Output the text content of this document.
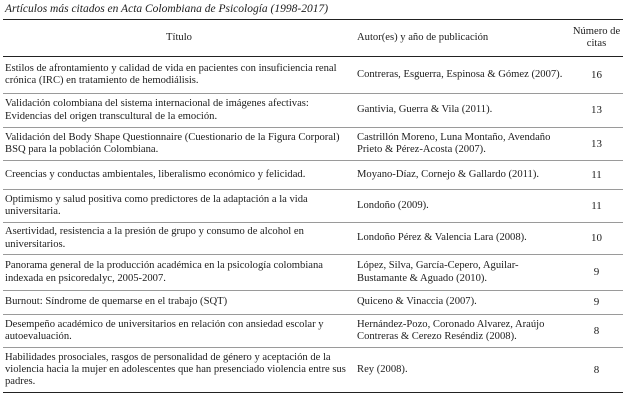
Artículos más citados en Acta Colombiana de Psicología (1998-2017)
Título	Autor(es) y año de publicación	Número de citas
Estilos de afrontamiento y calidad de vida en pacientes con insuficiencia renal crónica (IRC) en tratamiento de hemodiálisis.	Contreras, Esguerra, Espinosa & Gómez (2007).	16
Validación colombiana del sistema internacional de imágenes afectivas: Evidencias del origen transcultural de la emoción.	Gantivia, Guerra & Vila (2011).	13
Validación del Body Shape Questionnaire (Cuestionario de la Figura Corporal) BSQ para la población Colombiana.	Castrillón Moreno, Luna Montaño, Avendaño Prieto & Pérez-Acosta (2007).	13
Creencias y conductas ambientales, liberalismo económico y felicidad.	Moyano-Díaz, Cornejo & Gallardo (2011).	11
Optimismo y salud positiva como predictores de la adaptación a la vida universitaria.	Londoño (2009).	11
Asertividad, resistencia a la presión de grupo y consumo de alcohol en universitarios.	Londoño Pérez & Valencia Lara (2008).	10
Panorama general de la producción académica en la psicología colombiana indexada en psicoredalyc, 2005-2007.	López, Silva, García-Cepero, Aguilar-Bustamante & Aguado (2010).	9
Burnout: Síndrome de quemarse en el trabajo (SQT)	Quiceno & Vinaccia (2007).	9
Desempeño académico de universitarios en relación con ansiedad escolar y autoevaluación.	Hernández-Pozo, Coronado Alvarez, Araújo Contreras & Cerezo Reséndiz (2008).	8
Habilidades prosociales, rasgos de personalidad de género y aceptación de la violencia hacia la mujer en adolescentes que han presenciado violencia entre sus padres.	Rey (2008).	8
